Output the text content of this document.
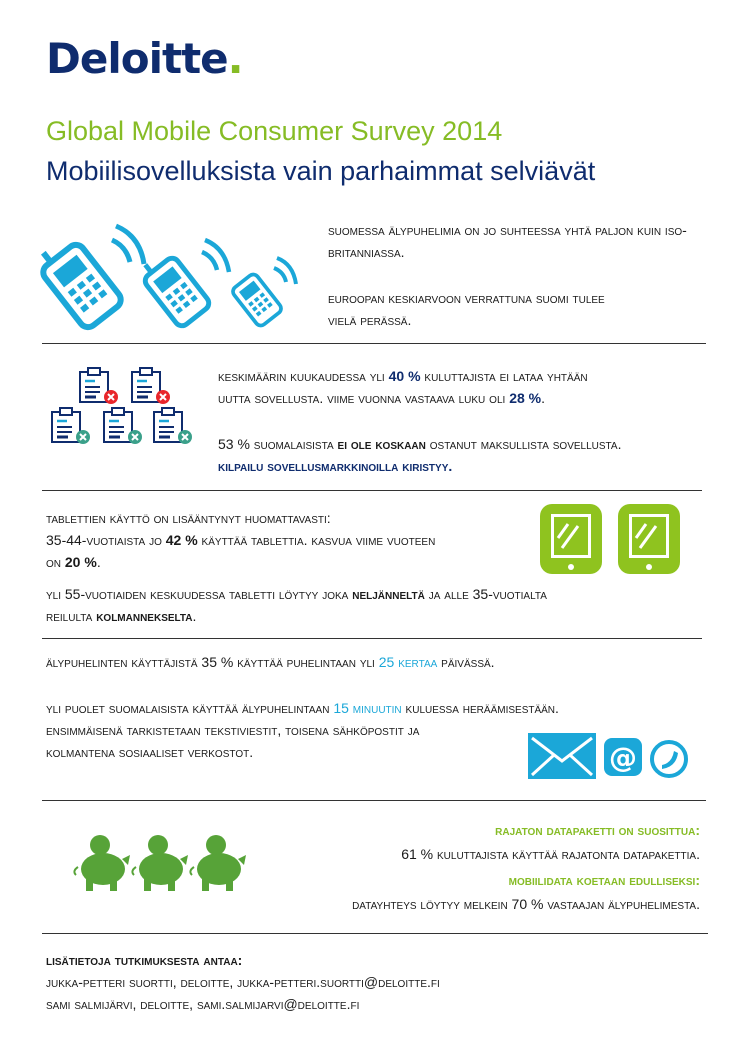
Deloitte.
Global Mobile Consumer Survey 2014
Mobiilisovelluksista vain parhaimmat selviävät
suomessa älypuhelimia on jo suhteessa yhtä paljon kuin iso-britanniassa.
euroopan keskiarvoon verrattuna suomi tulee
vielä perässä.
keskimäärin kuukaudessa yli 40 % kuluttajista ei lataa yhtään
uutta sovellusta. viime vuonna vastaava luku oli 28 %.
53 % suomalaisista ei ole koskaan ostanut maksullista sovellusta.
kilpailu sovellusmarkkinoilla kiristyy.
tablettien käyttö on lisääntynyt huomattavasti:
35-44-vuotiaista jo 42 % käyttää tablettia. kasvua viime vuoteen
on 20 %.
yli 55-vuotiaiden keskuudessa tabletti löytyy joka neljänneltä ja alle 35-vuotialta
reilulta kolmannekselta.
älypuhelinten käyttäjistä 35 % käyttää puhelintaan yli 25 kertaa päivässä.
yli puolet suomalaisista käyttää älypuhelintaan 15 minuutin kuluessa heräämisestään.
ensimmäisenä tarkistetaan tekstiviestit, toisena sähköpostit ja
kolmantena sosiaaliset verkostot.	@
rajaton datapaketti on suosittua:
61 % kuluttajista käyttää rajatonta datapakettia.
mobiilidata koetaan edulliseksi:
datayhteys löytyy melkein 70 % vastaajan älypuhelimesta.
lisätietoja tutkimuksesta antaa:
jukka-petteri suortti, deloitte, jukka-petteri.suortti@deloitte.fi
sami salmijärvi, deloitte, sami.salmijarvi@deloitte.fi
